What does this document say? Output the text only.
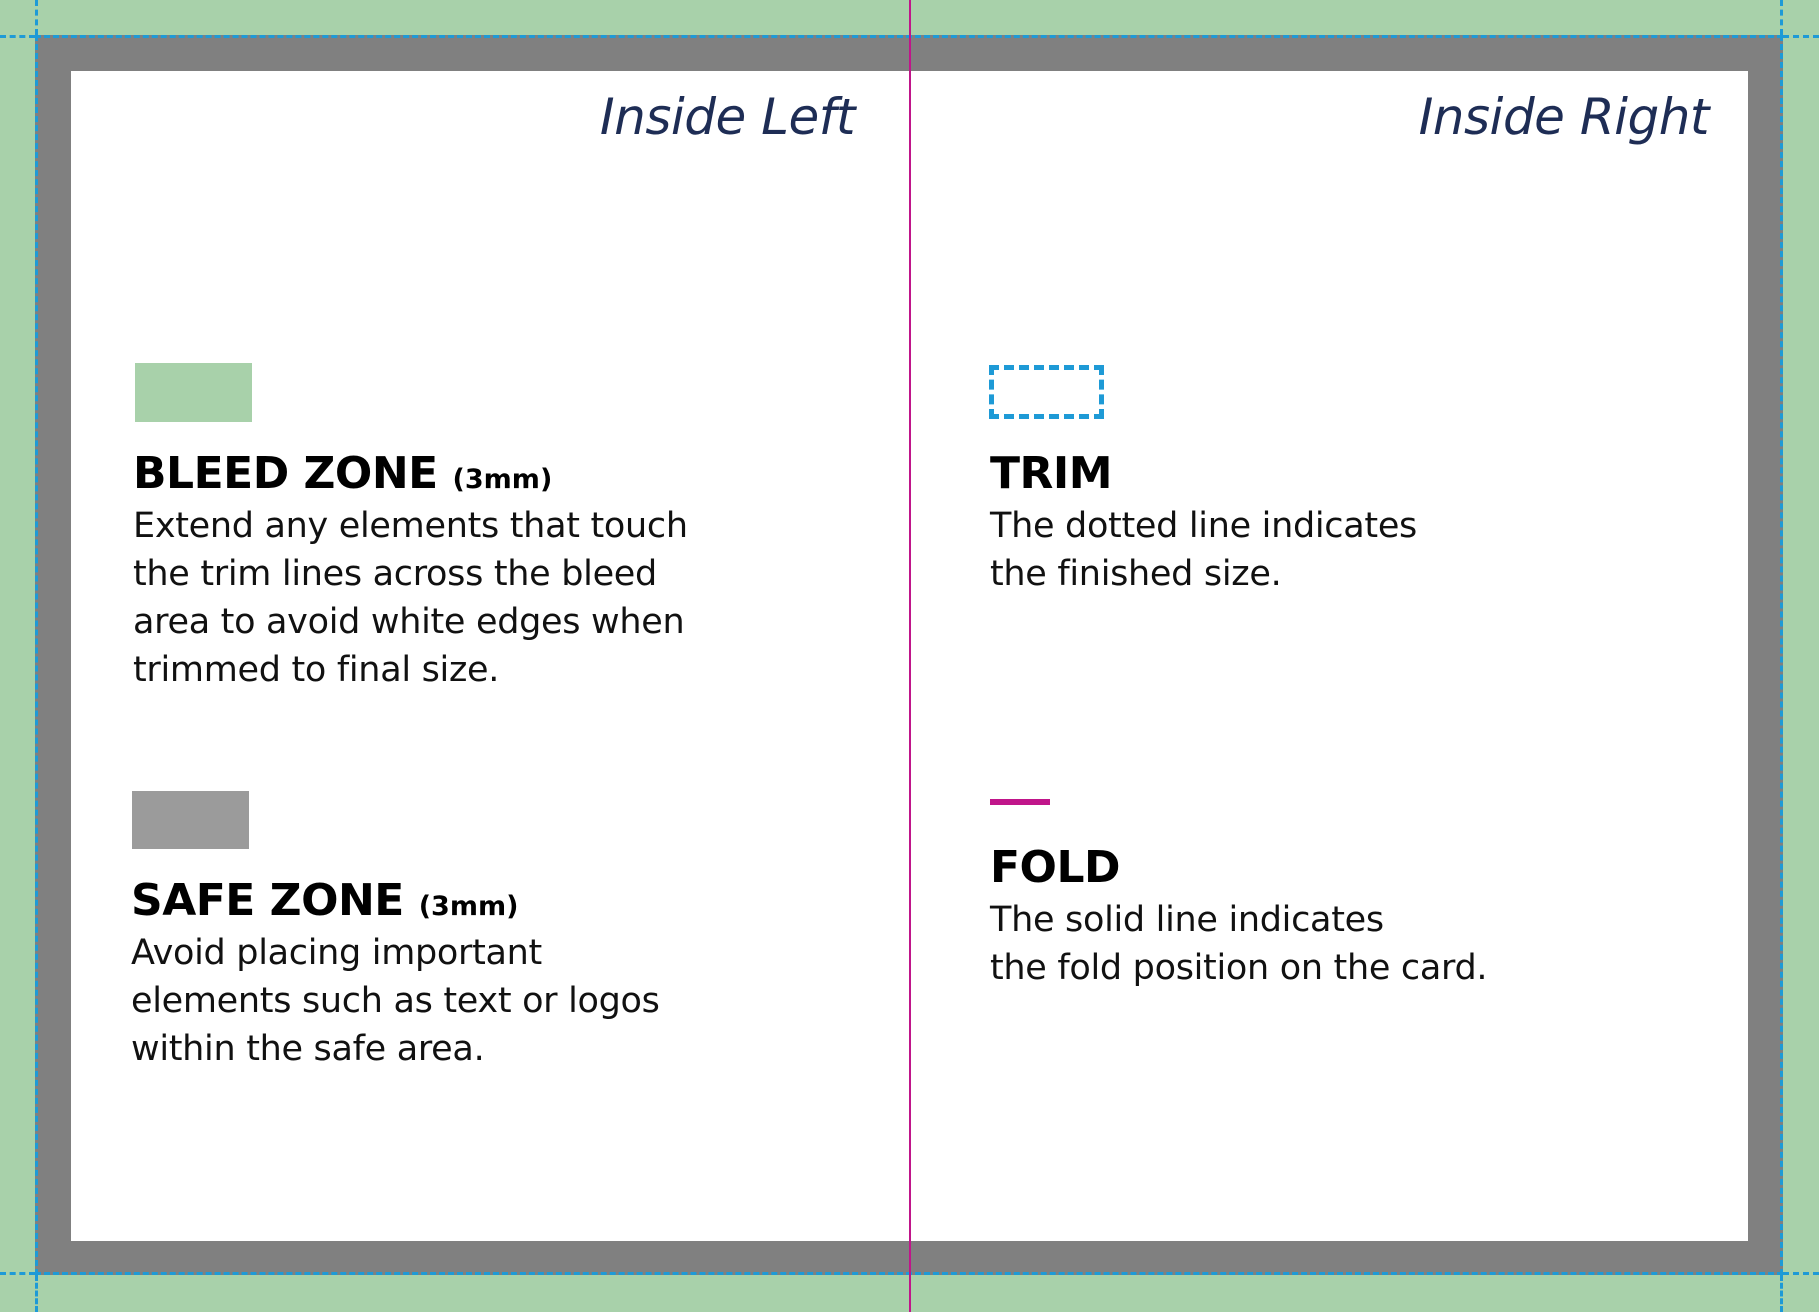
Inside Left	Inside Right
BLEED ZONE (3mm)

Extend any elements that touch
the trim lines across the bleed
area to avoid white edges when
trimmed to final size.

SAFE ZONE (3mm)

Avoid placing important
elements such as text or logos
within the safe area.

TRIM

The dotted line indicates
the finished size.

FOLD

The solid line indicates
the fold position on the card.
